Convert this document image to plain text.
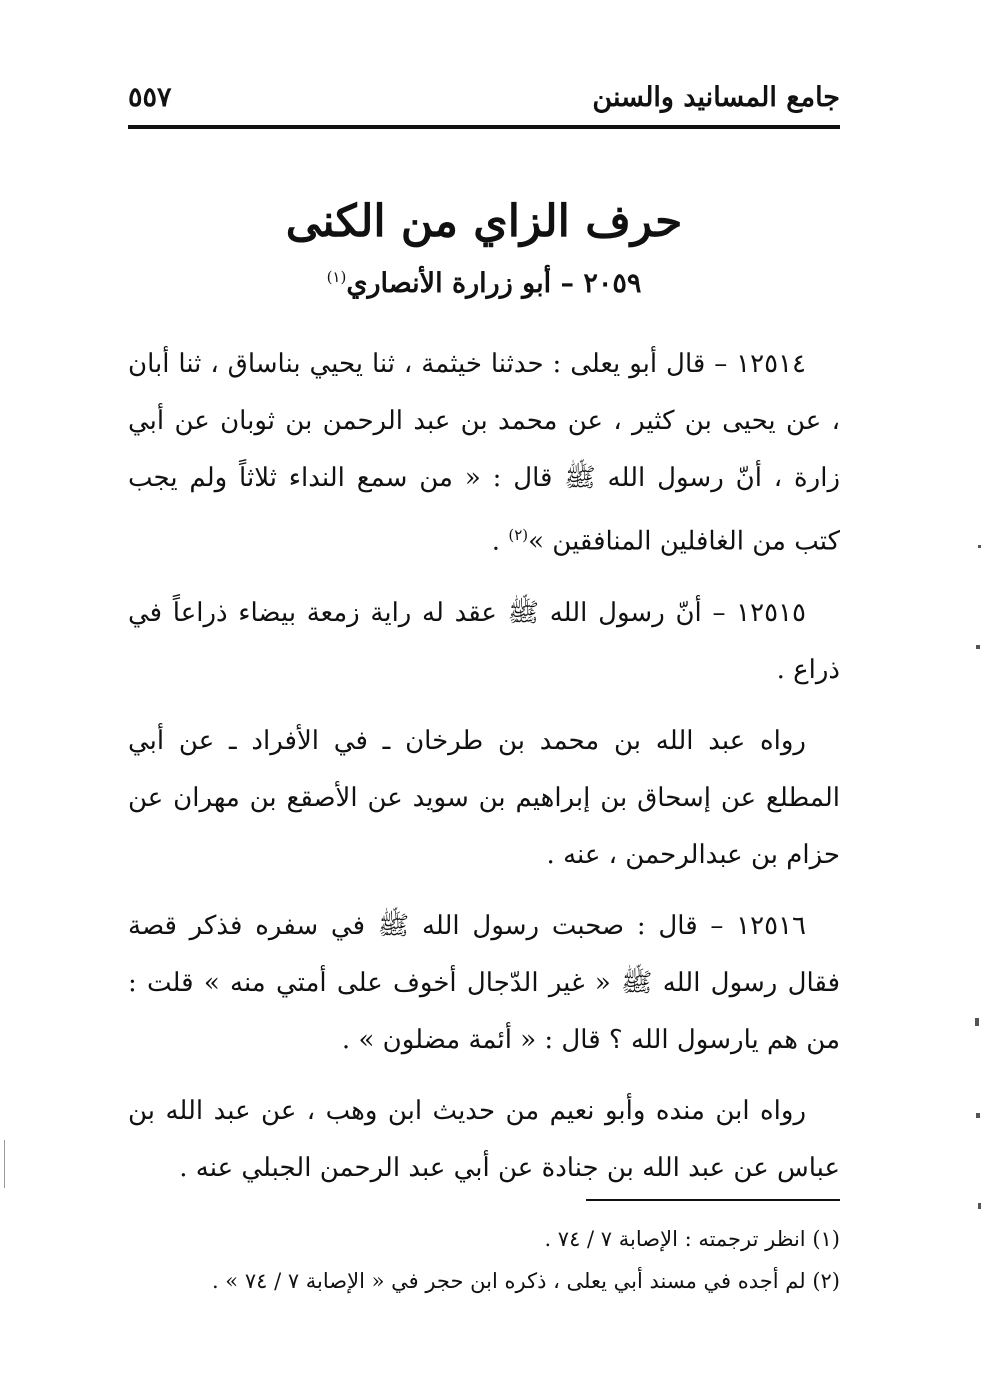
جامع المسانيد والسنن
٥٥٧
حرف الزاي من الكنى
٢٠٥٩ – أبو زرارة الأنصاري$^{(١)}$

١٢٥١٤ – قال أبو يعلى : حدثنا خيثمة ، ثنا يحيي بناساق ، ثنا أبان ، عن يحيى بن كثير ، عن محمد بن عبد الرحمن بن ثوبان عن أبي زارة ، أنّ رسول الله ﷺ قال : « من سمع النداء ثلاثاً ولم يجب كتب من الغافلين المنافقين »$^{(٢)}$ .

١٢٥١٥ – أنّ رسول الله ﷺ عقد له راية زمعة بيضاء ذراعاً في ذراع .

رواه عبد الله بن محمد بن طرخان ـ في الأفراد ـ عن أبي المطلع عن إسحاق بن إبراهيم بن سويد عن الأصقع بن مهران عن حزام بن عبدالرحمن ، عنه .

١٢٥١٦ – قال : صحبت رسول الله ﷺ في سفره فذكر قصة فقال رسول الله ﷺ « غير الدّجال أخوف على أمتي منه » قلت : من هم يارسول الله ؟ قال : « أئمة مضلون » .

رواه ابن منده وأبو نعيم من حديث ابن وهب ، عن عبد الله بن عباس عن عبد الله بن جنادة عن أبي عبد الرحمن الجبلي عنه .

(١) انظر ترجمته : الإصابة ٧ / ٧٤ .

(٢) لم أجده في مسند أبي يعلى ، ذكره ابن حجر في « الإصابة ٧ / ٧٤ » .
